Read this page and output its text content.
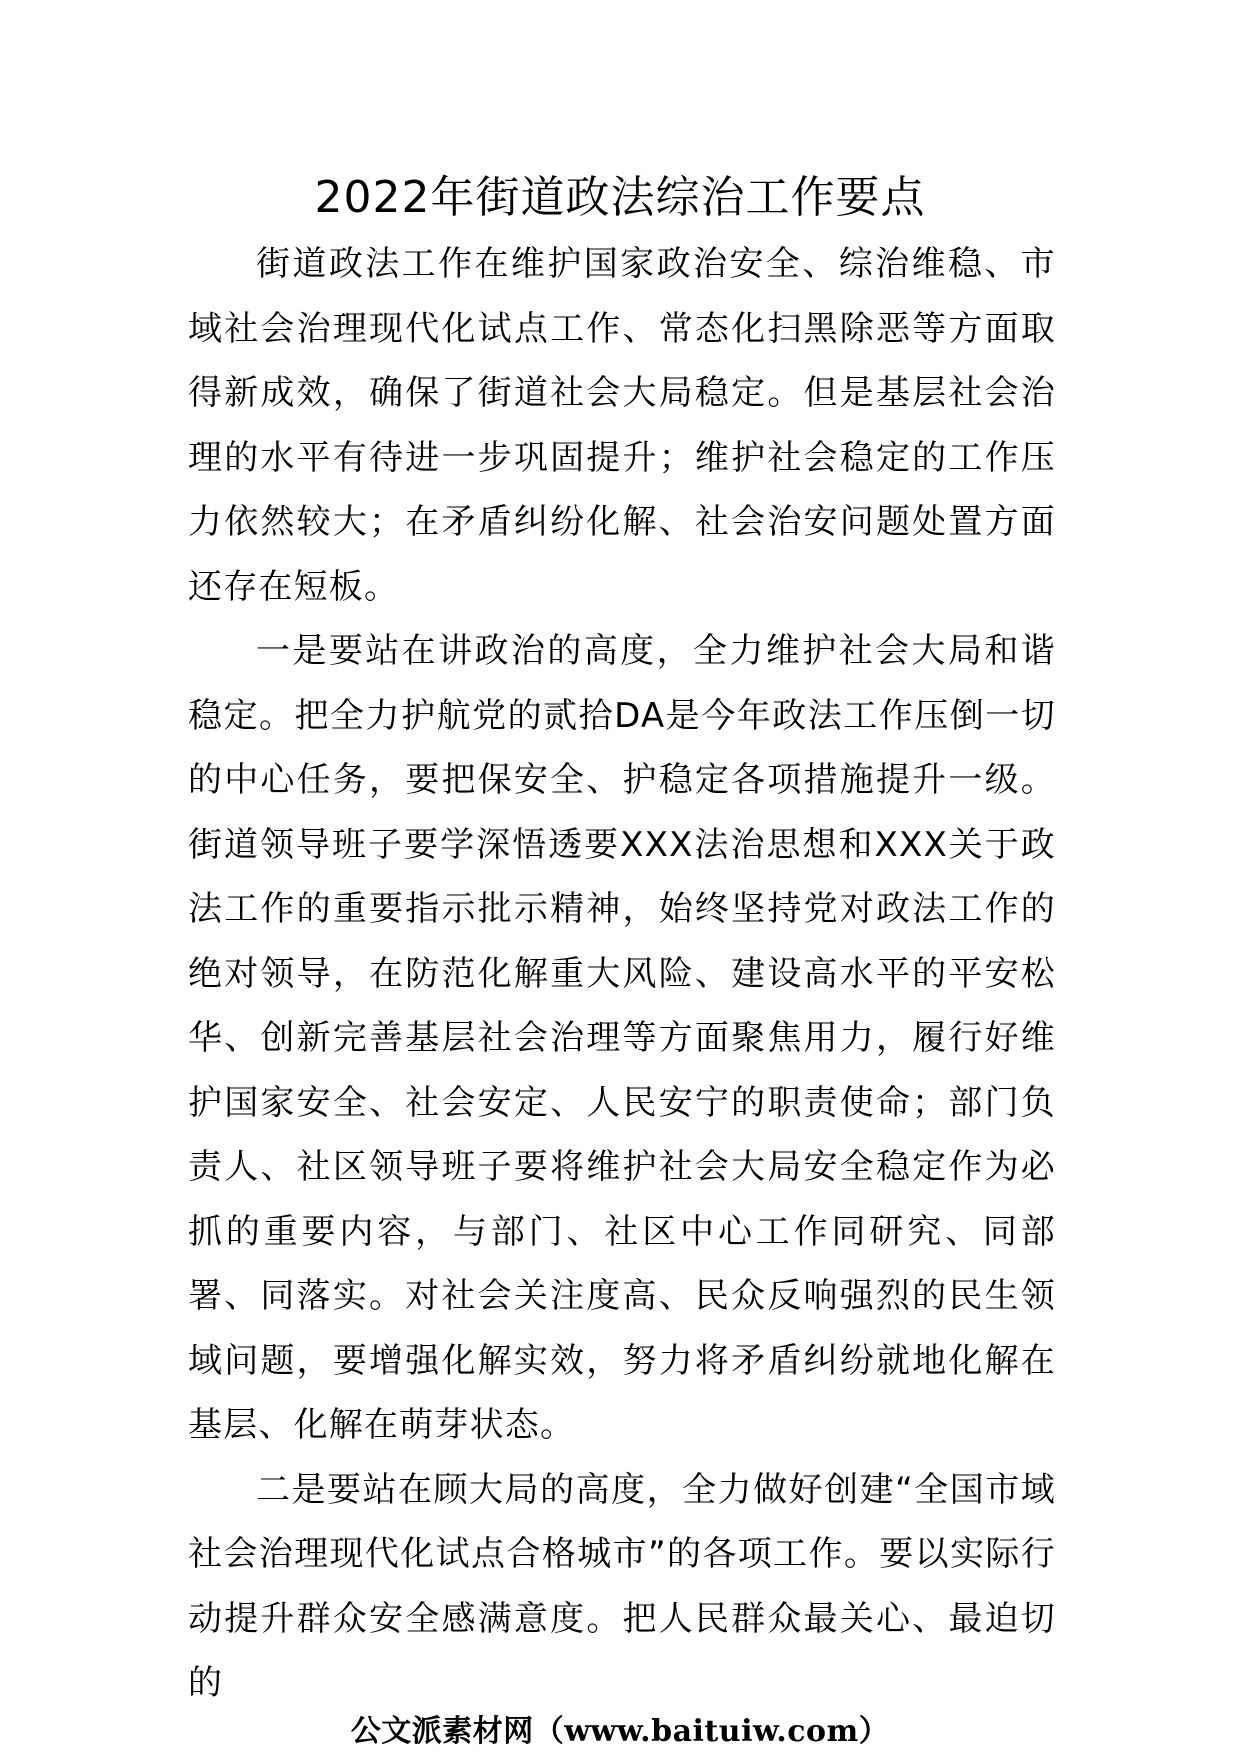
2022年街道政法综治工作要点

街道政法工作在维护国家政治安全、综治维稳、市域社会治理现代化试点工作、常态化扫黑除恶等方面取得新成效，确保了街道社会大局稳定。但是基层社会治理的水平有待进一步巩固提升；维护社会稳定的工作压力依然较大；在矛盾纠纷化解、社会治安问题处置方面还存在短板。

一是要站在讲政治的高度，全力维护社会大局和谐稳定。把全力护航党的贰拾DA是今年政法工作压倒一切的中心任务，要把保安全、护稳定各项措施提升一级。街道领导班子要学深悟透要XXX法治思想和XXX关于政法工作的重要指示批示精神，始终坚持党对政法工作的绝对领导，在防范化解重大风险、建设高水平的平安松华、创新完善基层社会治理等方面聚焦用力，履行好维护国家安全、社会安定、人民安宁的职责使命；部门负责人、社区领导班子要将维护社会大局安全稳定作为必抓的重要内容，与部门、社区中心工作同研究、同部署、同落实。对社会关注度高、民众反响强烈的民生领域问题，要增强化解实效，努力将矛盾纠纷就地化解在基层、化解在萌芽状态。

二是要站在顾大局的高度，全力做好创建“全国市域社会治理现代化试点合格城市”的各项工作。要以实际行动提升群众安全感满意度。把人民群众最关心、最迫切的

公文派素材网（www.baituiw.com）
